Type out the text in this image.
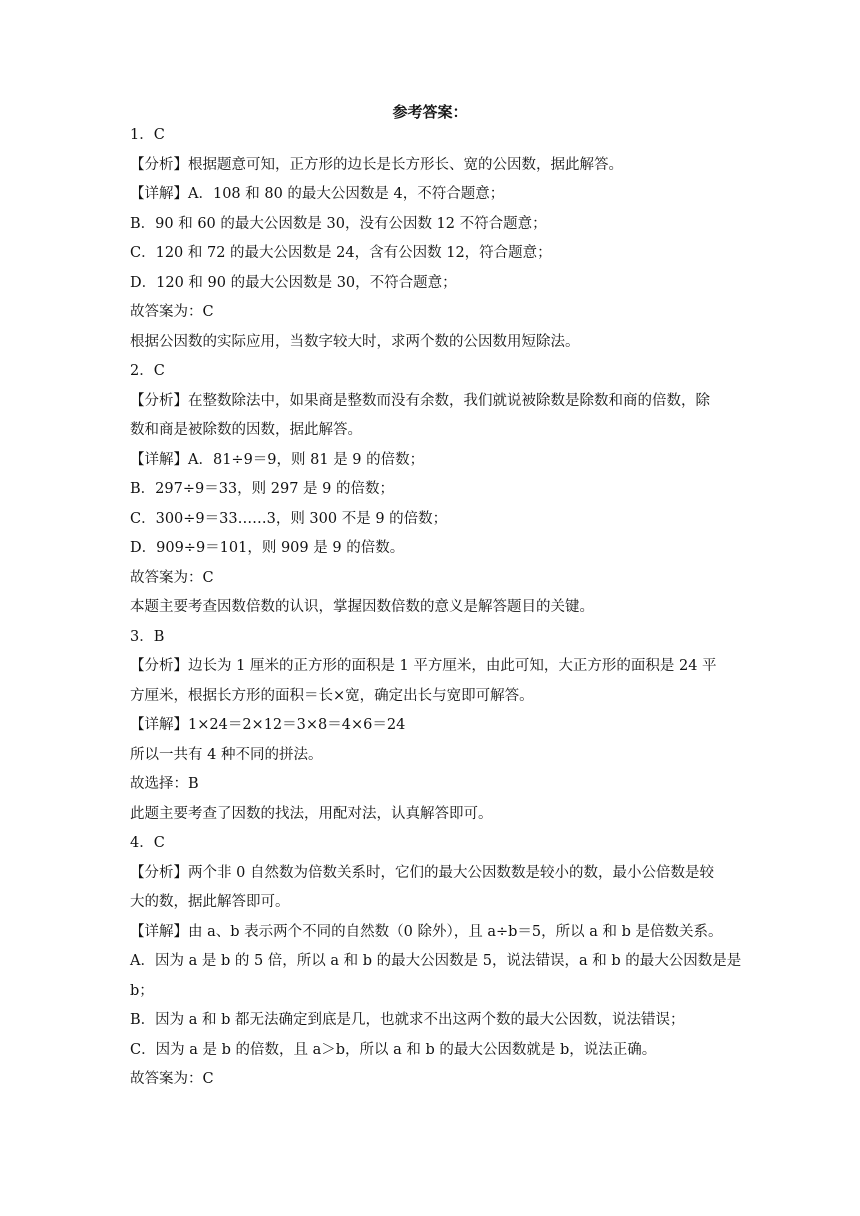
参考答案：
1．C
【分析】根据题意可知，正方形的边长是长方形长、宽的公因数，据此解答。
【详解】A．108 和 80 的最大公因数是 4，不符合题意；
B．90 和 60 的最大公因数是 30，没有公因数 12 不符合题意；
C．120 和 72 的最大公因数是 24，含有公因数 12，符合题意；
D．120 和 90 的最大公因数是 30，不符合题意；
故答案为：C
根据公因数的实际应用，当数字较大时，求两个数的公因数用短除法。
2．C
【分析】在整数除法中，如果商是整数而没有余数，我们就说被除数是除数和商的倍数，除
数和商是被除数的因数，据此解答。
【详解】A．81÷9＝9，则 81 是 9 的倍数；
B．297÷9＝33，则 297 是 9 的倍数；
C．300÷9＝33……3，则 300 不是 9 的倍数；
D．909÷9＝101，则 909 是 9 的倍数。
故答案为：C
本题主要考查因数倍数的认识，掌握因数倍数的意义是解答题目的关键。
3．B
【分析】边长为 1 厘米的正方形的面积是 1 平方厘米，由此可知，大正方形的面积是 24 平
方厘米，根据长方形的面积＝长×宽，确定出长与宽即可解答。
【详解】1×24＝2×12＝3×8＝4×6＝24
所以一共有 4 种不同的拼法。
故选择：B
此题主要考查了因数的找法，用配对法，认真解答即可。
4．C
【分析】两个非 0 自然数为倍数关系时，它们的最大公因数数是较小的数，最小公倍数是较
大的数，据此解答即可。
【详解】由 a、b 表示两个不同的自然数（0 除外），且 a÷b＝5，所以 a 和 b 是倍数关系。
A．因为 a 是 b 的 5 倍，所以 a 和 b 的最大公因数是 5，说法错误，a 和 b 的最大公因数是是
b；
B．因为 a 和 b 都无法确定到底是几，也就求不出这两个数的最大公因数，说法错误；
C．因为 a 是 b 的倍数，且 a＞b，所以 a 和 b 的最大公因数就是 b，说法正确。
故答案为：C
